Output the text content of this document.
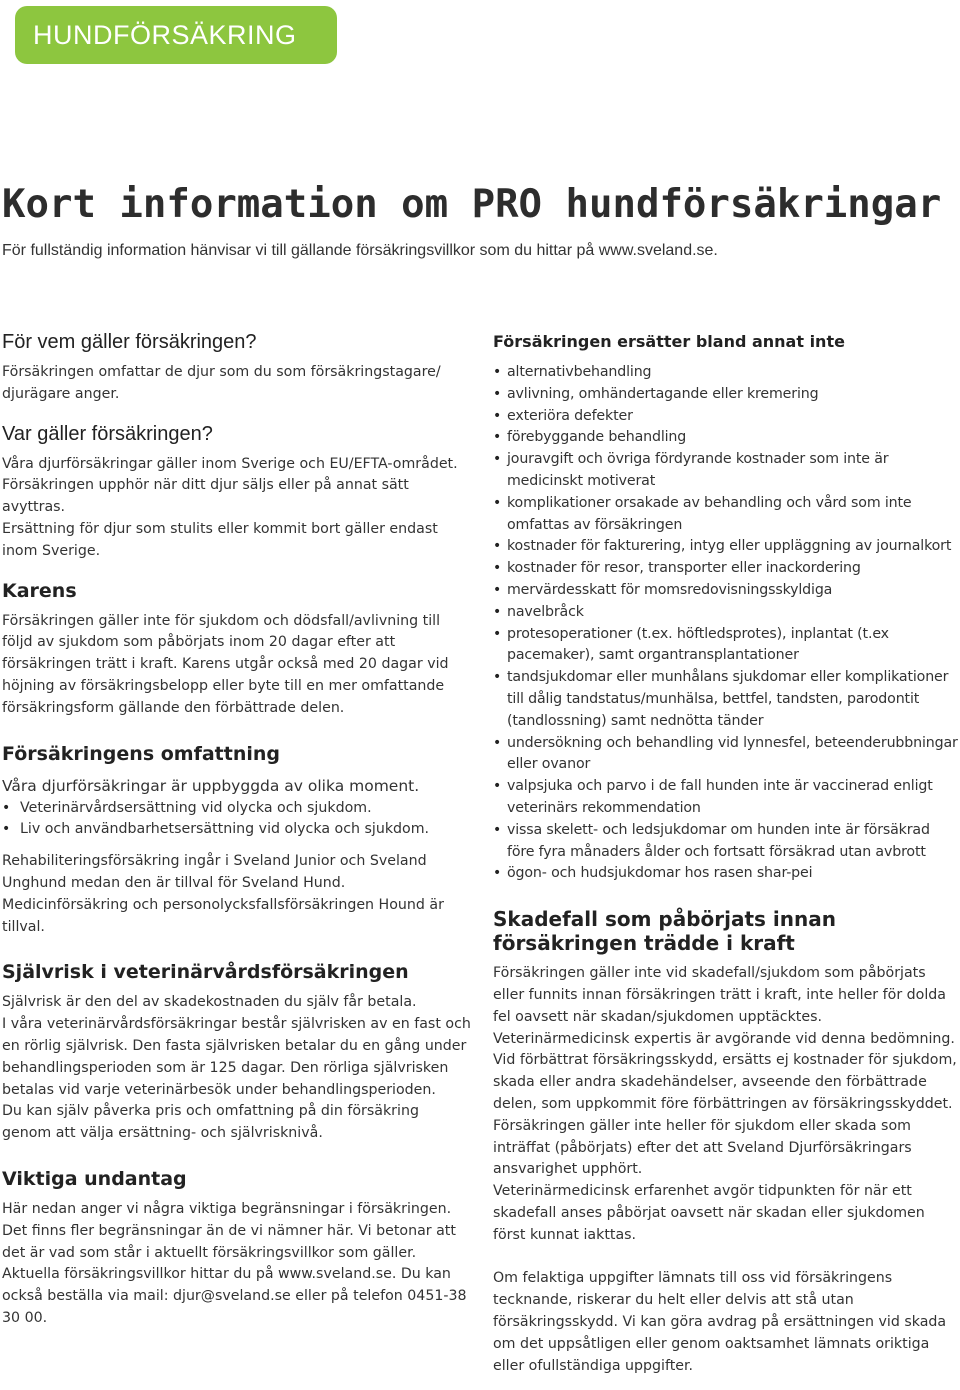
HUNDFÖRSÄKRING
Kort information om PRO hundförsäkringar

För fullständig information hänvisar vi till gällande försäkringsvillkor som du hittar på www.sveland.se.

För vem gäller försäkringen?

Försäkringen omfattar de djur som du som försäkringstagare/ djurägare anger.

Var gäller försäkringen?

Våra djurförsäkringar gäller inom Sverige och EU/EFTA-området.

Försäkringen upphör när ditt djur säljs eller på annat sätt avyttras.

Ersättning för djur som stulits eller kommit bort gäller endast inom Sverige.

Karens

Försäkringen gäller inte för sjukdom och dödsfall/avlivning till följd av sjukdom som påbörjats inom 20 dagar efter att försäkringen trätt i kraft. Karens utgår också med 20 dagar vid höjning av försäkringsbelopp eller byte till en mer omfattande försäkringsform gällande den förbättrade delen.

Försäkringens omfattning

Våra djurförsäkringar är uppbyggda av olika moment.

• Veterinärvårdsersättning vid olycka och sjukdom.
• Liv och användbarhetsersättning vid olycka och sjukdom.

Rehabiliteringsförsäkring ingår i Sveland Junior och Sveland Unghund medan den är tillval för Sveland Hund.

Medicinförsäkring och personolycksfallsförsäkringen Hound är tillval.

Självrisk i veterinärvårdsförsäkringen

Självrisk är den del av skadekostnaden du själv får betala.

I våra veterinärvårdsförsäkringar består självrisken av en fast och en rörlig självrisk. Den fasta självrisken betalar du en gång under behandlingsperioden som är 125 dagar. Den rörliga självrisken betalas vid varje veterinärbesök under behandlingsperioden.

Du kan själv påverka pris och omfattning på din försäkring genom att välja ersättning- och självrisknivå.

Viktiga undantag

Här nedan anger vi några viktiga begränsningar i försäkringen.

Det finns fler begränsningar än de vi nämner här. Vi betonar att det är vad som står i aktuellt försäkringsvillkor som gäller. Aktuella försäkringsvillkor hittar du på www.sveland.se. Du kan också beställa via mail: djur@sveland.se eller på telefon 0451-38 30 00.

Försäkringen ersätter bland annat inte
• alternativbehandling
• avlivning, omhändertagande eller kremering
• exteriöra defekter
• förebyggande behandling
• jouravgift och övriga fördyrande kostnader som inte är medicinskt motiverat
• komplikationer orsakade av behandling och vård som inte omfattas av försäkringen
• kostnader för fakturering, intyg eller uppläggning av journalkort
• kostnader för resor, transporter eller inackordering
• mervärdesskatt för momsredovisningsskyldiga
• navelbråck
• protesoperationer (t.ex. höftledsprotes), inplantat (t.ex pacemaker), samt organtransplantationer
• tandsjukdomar eller munhålans sjukdomar eller komplikationer till dålig tandstatus/munhälsa, bettfel, tandsten, parodontit (tandlossning) samt nednötta tänder
• undersökning och behandling vid lynnesfel, beteenderubbningar eller ovanor
• valpsjuka och parvo i de fall hunden inte är vaccinerad enligt veterinärs rekommendation
• vissa skelett- och ledsjukdomar om hunden inte är försäkrad före fyra månaders ålder och fortsatt försäkrad utan avbrott
• ögon- och hudsjukdomar hos rasen shar-pei
Skadefall som påbörjats innan försäkringen trädde i kraft

Försäkringen gäller inte vid skadefall/sjukdom som påbörjats eller funnits innan försäkringen trätt i kraft, inte heller för dolda fel oavsett när skadan/sjukdomen upptäcktes. Veterinärmedicinsk expertis är avgörande vid denna bedömning.

Vid förbättrat försäkringsskydd, ersätts ej kostnader för sjukdom, skada eller andra skadehändelser, avseende den förbättrade delen, som uppkommit före förbättringen av försäkringsskyddet. Försäkringen gäller inte heller för sjukdom eller skada som inträffat (påbörjats) efter det att Sveland Djurförsäkringars ansvarighet upphört.

Veterinärmedicinsk erfarenhet avgör tidpunkten för när ett skadefall anses påbörjat oavsett när skadan eller sjukdomen först kunnat iakttas.

Om felaktiga uppgifter lämnats till oss vid försäkringens tecknande, riskerar du helt eller delvis att stå utan försäkringsskydd. Vi kan göra avdrag på ersättningen vid skada om det uppsåtligen eller genom oaktsamhet lämnats oriktiga eller ofullständiga uppgifter.
